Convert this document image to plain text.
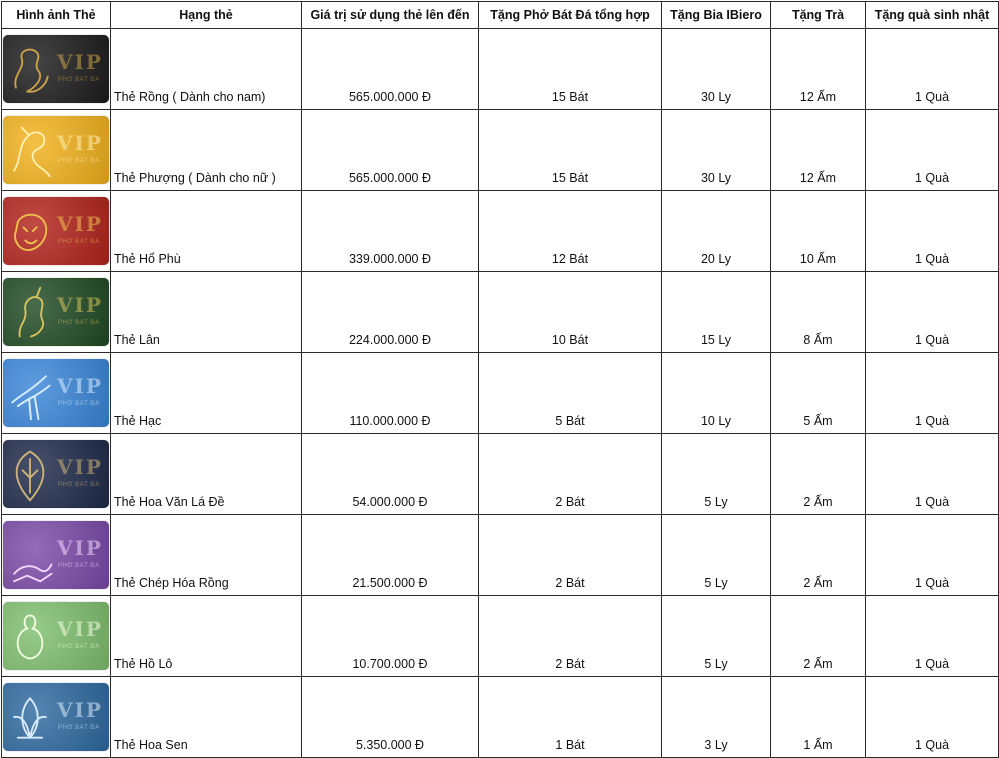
Hình ảnh Thẻ	Hạng thẻ	Giá trị sử dụng thẻ lên đến	Tặng Phở Bát Đá tổng hợp	Tặng Bia IBiero	Tặng Trà	Tặng quà sinh nhật

VIP
PHỞ BÁT ĐÁ	Thẻ Rồng ( Dành cho nam)	565.000.000 Đ	15 Bát	30 Ly	12 Ấm	1 Quà

VIP
PHỞ BÁT ĐÁ	Thẻ Phượng ( Dành cho nữ )	565.000.000 Đ	15 Bát	30 Ly	12 Ấm	1 Quà

VIP
PHỞ BÁT ĐÁ	Thẻ Hổ Phù	339.000.000 Đ	12 Bát	20 Ly	10 Ấm	1 Quà

VIP
PHỞ BÁT ĐÁ	Thẻ Lân	224.000.000 Đ	10 Bát	15 Ly	8 Ấm	1 Quà

VIP
PHỞ BÁT ĐÁ	Thẻ Hạc	110.000.000 Đ	5 Bát	10 Ly	5 Ấm	1 Quà

VIP
PHỞ BÁT ĐÁ	Thẻ Hoa Văn Lá Đề	54.000.000 Đ	2 Bát	5 Ly	2 Ấm	1 Quà

VIP
PHỞ BÁT ĐÁ	Thẻ Chép Hóa Rồng	21.500.000 Đ	2 Bát	5 Ly	2 Ấm	1 Quà

VIP
PHỞ BÁT ĐÁ	Thẻ Hồ Lô	10.700.000 Đ	2 Bát	5 Ly	2 Ấm	1 Quà

VIP
PHỞ BÁT ĐÁ	Thẻ Hoa Sen	5.350.000 Đ	1 Bát	3 Ly	1 Ấm	1 Quà
